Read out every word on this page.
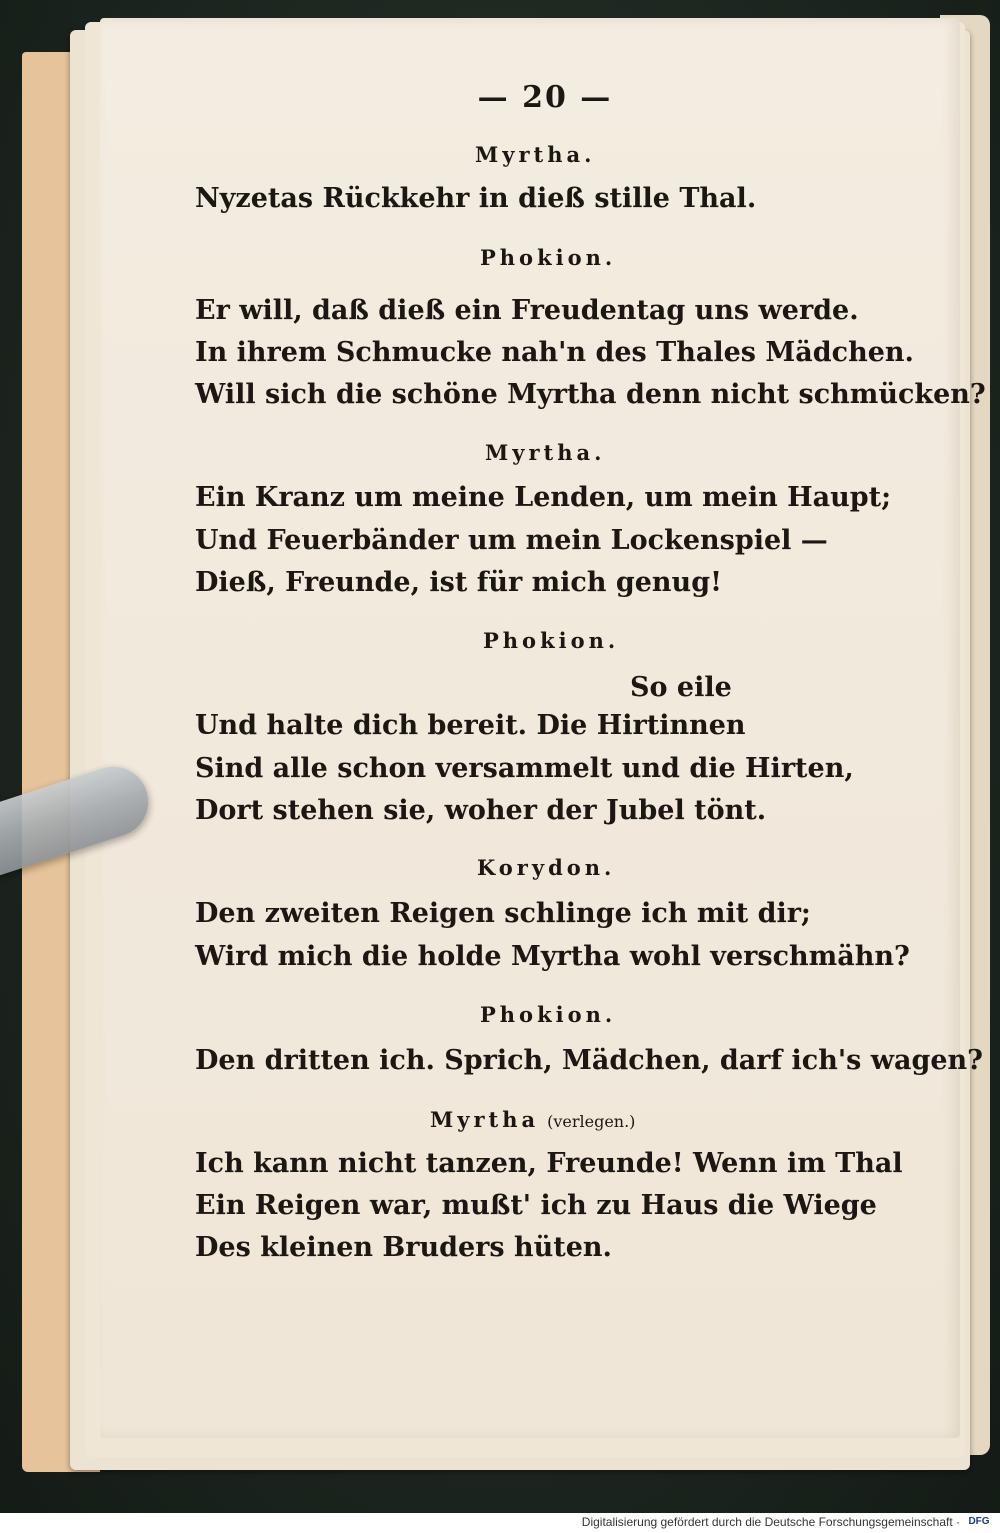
— 20 —
Myrtha.
Nyzetas Rückkehr in dieß stille Thal.
Phokion.
Er will, daß dieß ein Freudentag uns werde.
In ihrem Schmucke nah'n des Thales Mädchen.
Will sich die schöne Myrtha denn nicht schmücken?
Myrtha.
Ein Kranz um meine Lenden, um mein Haupt;
Und Feuerbänder um mein Lockenspiel —
Dieß, Freunde, ist für mich genug!
Phokion.
So eile
Und halte dich bereit. Die Hirtinnen
Sind alle schon versammelt und die Hirten,
Dort stehen sie, woher der Jubel tönt.
Korydon.
Den zweiten Reigen schlinge ich mit dir;
Wird mich die holde Myrtha wohl verschmähn?
Phokion.
Den dritten ich. Sprich, Mädchen, darf ich's wagen?
Myrtha (verlegen.)
Ich kann nicht tanzen, Freunde! Wenn im Thal
Ein Reigen war, mußt' ich zu Haus die Wiege
Des kleinen Bruders hüten.
Digitalisierung gefördert durch die Deutsche Forschungsgemeinschaft · DFG
